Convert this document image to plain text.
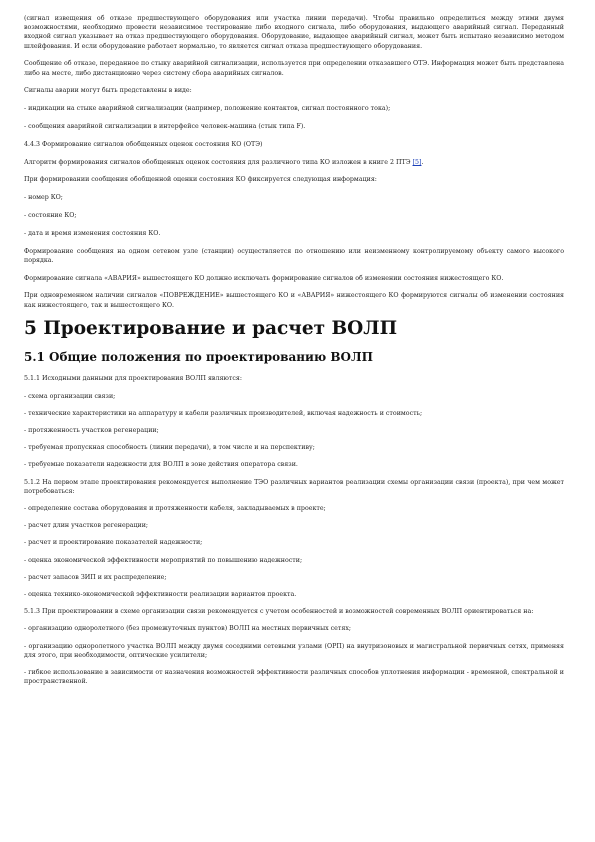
(сигнал извещения об отказе предшествующего оборудования или участка линии передачи). Чтобы правильно определиться между этими двумя возможностями, необходимо провести независимое тестирование либо входного сигнала, либо оборудования, выдающего аварийный сигнал. Переданный входной сигнал указывает на отказ предшествующего оборудования. Оборудование, выдающее аварийный сигнал, может быть испытано независимо методом шлейфования. И если оборудование работает нормально, то является сигнал отказа предшествующего оборудования.

Сообщение об отказе, переданное по стыку аварийной сигнализации, используется при определении отказавшего ОТЭ. Информация может быть представлена либо на месте, либо дистанционно через систему сбора аварийных сигналов.

Сигналы аварии могут быть представлены в виде:

- индикации на стыке аварийной сигнализации (например, положение контактов, сигнал постоянного тока);

- сообщения аварийной сигнализации в интерфейсе человек-машина (стык типа F).

4.4.3 Формирование сигналов обобщенных оценок состояния КО (ОТЭ)

Алгоритм формирования сигналов обобщенных оценок состояния для различного типа КО изложен в книге 2 ПТЭ [5].

При формировании сообщения обобщенной оценки состояния КО фиксируется следующая информация:

- номер КО;

- состояние КО;

- дата и время изменения состояния КО.

Формирование сообщения на одном сетевом узле (станции) осуществляется по отношению или неизменному контролируемому объекту самого высокого порядка.

Формирование сигнала «АВАРИЯ» вышестоящего КО должно исключать формирование сигналов об изменении состояния нижестоящего КО.

При одновременном наличии сигналов «ПОВРЕЖДЕНИЕ» вышестоящего КО и «АВАРИЯ» нижестоящего КО формируются сигналы об изменении состояния как нижестоящего, так и вышестоящего КО.

5 Проектирование и расчет ВОЛП
5.1 Общие положения по проектированию ВОЛП

5.1.1 Исходными данными для проектирования ВОЛП являются:

- схема организации связи;

- технические характеристики на аппаратуру и кабели различных производителей, включая надежность и стоимость;

- протяженность участков регенерации;

- требуемая пропускная способность (линии передачи), в том числе и на перспективу;

- требуемые показатели надежности для ВОЛП в зоне действия оператора связи.

5.1.2 На первом этапе проектирования рекомендуется выполнение ТЭО различных вариантов реализации схемы организации связи (проекта), при чем может потребоваться:

- определение состава оборудования и протяженности кабеля, закладываемых в проекте;

- расчет длин участков регенерации;

- расчет и проектирование показателей надежности;

- оценка экономической эффективности мероприятий по повышению надежности;

- расчет запасов ЗИП и их распределение;

- оценка технико-экономической эффективности реализации вариантов проекта.

5.1.3 При проектировании в схеме организации связи рекомендуется с учетом особенностей и возможностей современных ВОЛП ориентироваться на:

- организацию одноролетного (без промежуточных пунктов) ВОЛП на местных первичных сетях;

- организацию одноролетного участка ВОЛП между двумя соседними сетевыми узлами (ОРП) на внутризоновых и магистральной первичных сетях, применяя для этого, при необходимости, оптические усилители;

- гибкое использование в зависимости от назначения возможностей эффективности различных способов уплотнения информации - временной, спектральной и пространственной.
